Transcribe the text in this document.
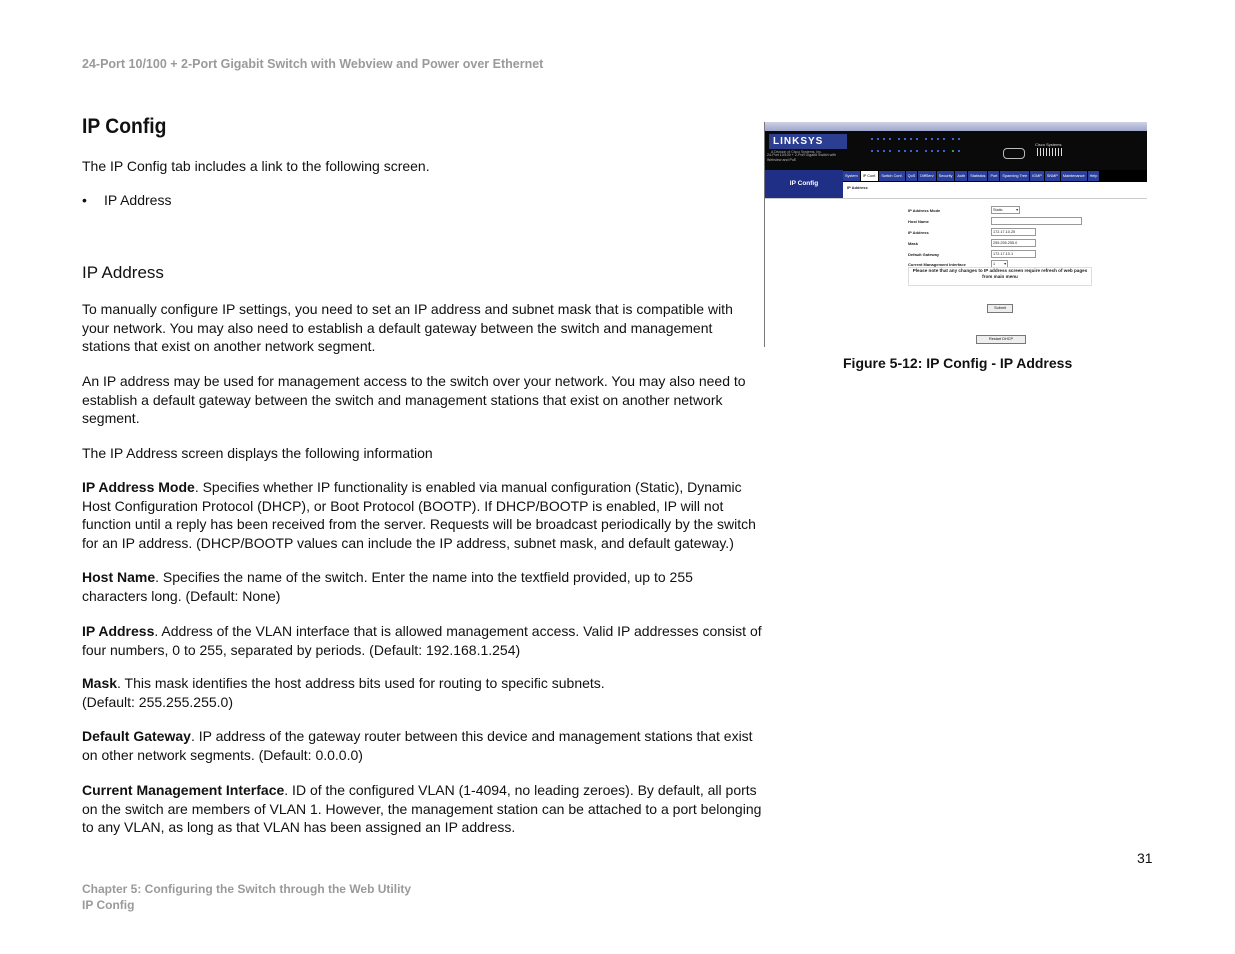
24-Port 10/100 + 2-Port Gigabit Switch with Webview and Power over Ethernet
IP Config

The IP Config tab includes a link to the following screen.

•	IP Address
IP Address

To manually configure IP settings, you need to set an IP address and subnet mask that is compatible with your network. You may also need to establish a default gateway between the switch and management stations that exist on another network segment.

An IP address may be used for management access to the switch over your network. You may also need to establish a default gateway between the switch and management stations that exist on another network segment.

The IP Address screen displays the following information

IP Address Mode. Specifies whether IP functionality is enabled via manual configuration (Static), Dynamic Host Configuration Protocol (DHCP), or Boot Protocol (BOOTP). If DHCP/BOOTP is enabled, IP will not function until a reply has been received from the server. Requests will be broadcast periodically by the switch for an IP address. (DHCP/BOOTP values can include the IP address, subnet mask, and default gateway.)

Host Name. Specifies the name of the switch. Enter the name into the textfield provided, up to 255 characters long. (Default: None)

IP Address. Address of the VLAN interface that is allowed management access. Valid IP addresses consist of four numbers, 0 to 255, separated by periods. (Default: 192.168.1.254)

Mask. This mask identifies the host address bits used for routing to specific subnets.

(Default: 255.255.255.0)

Default Gateway. IP address of the gateway router between this device and management stations that exist on other network segments. (Default: 0.0.0.0)

Current Management Interface. ID of the configured VLAN (1-4094, no leading zeroes). By default, all ports on the switch are members of VLAN 1. However, the management station can be attached to a port belonging to any VLAN, as long as that VLAN has been assigned an IP address.

LINKSYS
A Division of Cisco Systems, Inc.
24-Port 10/100 + 2-Port Gigabit Switch with Webview and PoE
Cisco Systems
IP Config
System	IP Conf.	Switch Conf.	QoS	DiffServ	Security	Auth	Statistics	Port	Spanning Tree	IGMP	SNMP	Maintenance	Help
IP Address
IP Address Mode	Static	▾
Host Name
IP Address	172.17.10.25
Mask	255.255.255.0
Default Gateway	172.17.10.1
Current Management Interface	1 ▾
Please note that any changes to IP address screen require refresh of web pages from main menu
Submit
Restart DHCP
Figure 5-12: IP Config - IP Address
31
Chapter 5: Configuring the Switch through the Web Utility
IP Config
